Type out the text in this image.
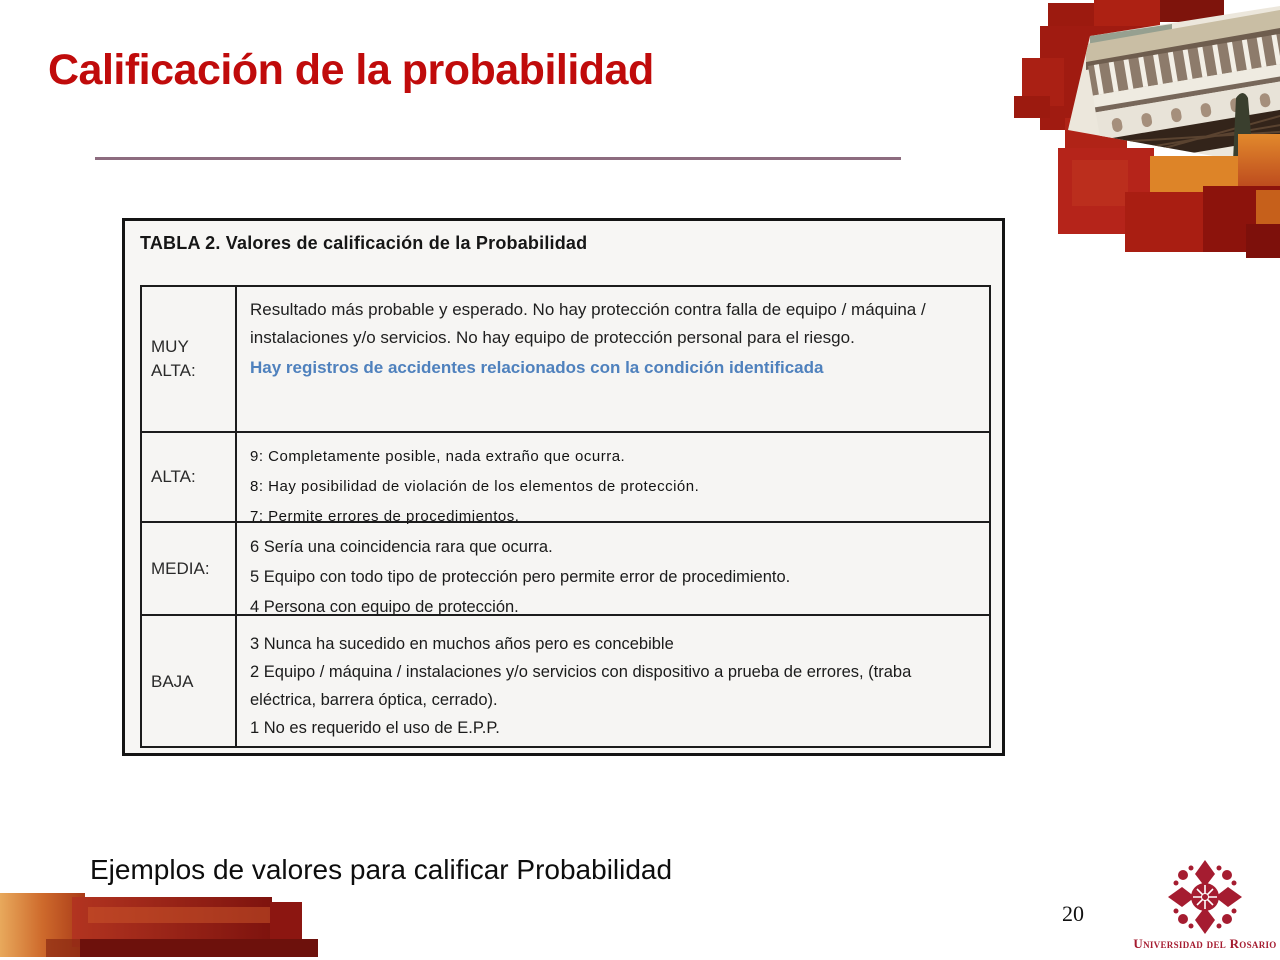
Calificación de la probabilidad
TABLA 2. Valores de calificación de la Probabilidad
MUY ALTA:

Resultado más probable y esperado. No hay protección contra falla de equipo / máquina / instalaciones y/o servicios. No hay equipo de protección personal para el riesgo.

Hay registros de accidentes relacionados con la condición identificada

ALTA:

9: Completamente posible, nada extraño que ocurra.

8: Hay posibilidad de violación de los elementos de protección.

7: Permite errores de procedimientos.

MEDIA:

6 Sería una coincidencia rara que ocurra.

5 Equipo con todo tipo de protección pero permite error de procedimiento.

4 Persona con equipo de protección.

BAJA

3 Nunca ha sucedido en muchos años pero es concebible

2 Equipo / máquina / instalaciones y/o servicios con dispositivo a prueba de errores, (traba eléctrica, barrera óptica, cerrado).

1 No es requerido el uso de E.P.P.

Ejemplos de valores para calificar Probabilidad
20
Universidad del Rosario
